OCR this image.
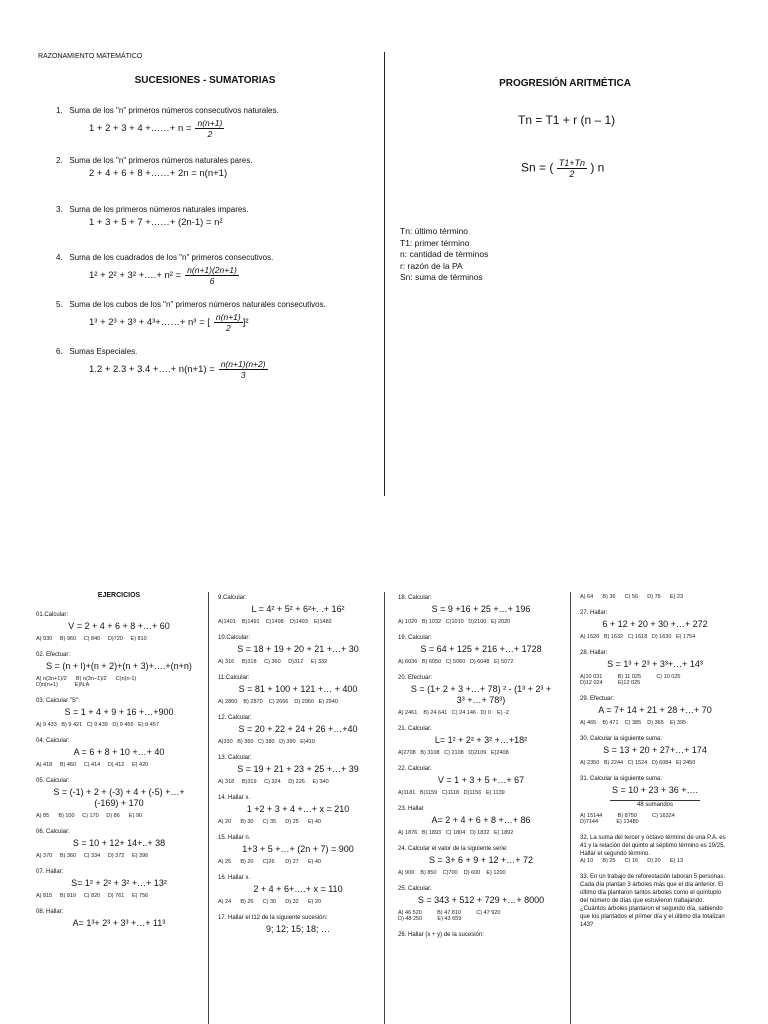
RAZONAMIENTO MATEMÁTICO
SUCESIONES - SUMATORIAS	PROGRESIÓN ARITMÉTICA
1.   Suma de los "n" primeros números consecutivos naturales.
1 + 2 + 3 + 4 +……+ $n = \frac{n(n+1)}{2}$
2.   Suma de los "n" primeros números naturales pares.
2 + 4 + 6 + 8 +……+ 2n = n(n+1)
3.   Suma de los primeros números naturales impares.
1 + 3 + 5 + 7 +……+ (2n-1) = n²
4.   Suma de los cuadrados de los "n" primeros consecutivos.
1² + 2² + 3² +….+ $n^2 = \frac{n(n+1)(2n+1)}{6}$
5.   Suma de los cubos de los "n" primeros números naturales consecutivos.
1³ + 2³ + 3³ + 4³+……+ n³ = [ $\frac{n(n+1)}{2} ]^2$
6.   Sumas Especiales.
1.2 + 2.3 + 3.4 +….+ $n(n+1) = \frac{n(n+1)(n+2)}{3}$
Tn = T1 + r (n – 1)
Sn = ( $\frac{T1+Tn}{2}$ ) n
Tn: último término
T1: primer término
n: cantidad de términos
r: razón de la PA
Sn: suma de términos
EJERCICIOS
01.Calcular:
V = 2 + 4 + 6 + 8 +…+ 60
A) 930     B) 960     C) 840     D)720     E) 810
02. Efectuar:
S = (n + l)+(n + 2)+(n + 3)+….+(n+n)
A) n(3n+1)/2      B) n(3n−1)/2      C)n(n-1)
D)n(n+1)           E)N.A
03. Calcular "S":
S = 1 + 4 + 9 + 16 +…+900
A) 9 433   B) 9 421   C) 9 439   D) 9 455   E) 9 457
04. Calcular:
A = 6 + 8 + 10 +…+ 40
A) 418     B) 460     C) 414     D) 412     E) 420
05. Calcular:
S = (-1) + 2 + (-3) + 4 + (-5) +…+
(-169) + 170
A) 85      B) 100     C) 170     D) 86      E) 90
06. Calcular:
S = 10 + 12+ 14+..+ 38
A) 370     B) 360     C) 334     D) 372     E) 396
07. Hallar:
S= 1² + 2² + 3² +…+ 13²
A) 815     B) 819     C) 820     D) 761     E) 756
08. Hallar:
A= 1³+ 2³ + 3³ +…+ 11³
9.Calcular:
L = 4² + 5² + 6²+. .+ 16²
A)1401    B)1491    C)1498    D)1493    E)1482
10.Calcular:
S = 18 + 19 + 20 + 21 +…+ 30
A) 316     B)318     C) 360     D)312     E) 332
11.Calcular:
S = 81 + 100 + 121 +… + 400
A) 2860    B) 2870    C) 2666    D) 2960   E) 2940
12. Calcular:
S = 20 + 22 + 24 + 26 +…+40
A)330   B) 360   C) 380   D) 390   E)410
13. Calcular:
S = 19 + 21 + 23 + 25 +…+ 39
A) 318     B)319     C) 324     D) 226     E) 340
14. Hallar x.
1 +2 + 3 + 4 +…+ x = 210
A) 20      B) 30      C) 35      D) 25      E) 40
15. Hallar n.
1+3 + 5 +…+ (2n + 7) = 900
A) 25      B) 20      C)26       D) 27      E) 40
16. Hallar x.
2 + 4 + 6+….+ x = 110
A) 24      B) 26      C) 30      D) 32      E) 20
17. Hallar el t12 de la siguiente sucesión:
9; 12; 15; 18; …
18. Calcular:
S = 9 +16 + 25 +…+ 196
A) 1020   B) 1032   C)1010   D)2100   E) 2020
19. Calcular:
S = 64 + 125 + 216 +…+ 1728
A) 6036   B) 6050   C) 5060   D) 6048   E) 5072
20. Efectuar:
S = (1+ 2 + 3 +…+ 78) ² - (1³ + 2³ +
3³ +…+ 78³)
A) 2461    B) 24 641   C) 24 146   D) 0    E) -2
21. Calcular:
L= 1² + 2² + 3² +…+18²
A)2708   B) 3108   C) 2108   D)2109   E)2408
22. Calcular:
V = 1 + 3 + 5 +…+ 67
A)1181   B)1159   C)1118   D)1156   E) 1139
23. Hallar
A= 2 + 4 + 6 + 8 +…+ 86
A) 1876   B) 1893   C) 1804   D) 1832   E) 1892
24. Calcular el valor de la siguiente serie:
S = 3+ 6 + 9 + 12 +…+ 72
A) 900    B) 850    C)700    D) 600    E) 1200
25. Calcular:
S = 343 + 512 + 729 +…+ 8000
A) 46 520          B) 47 810          C) 47 920
D) 48 250          E) 43 659
26. Hallar (x + y) de la sucesión:
A) 64      B) 36      C) 56      D) 75      E) 23
27. Hallar:
6 + 12 + 20 + 30 +…+ 272
A) 1520   B) 1632   C) 1618   D) 1630   E) 1754
28. Hallar:
S = 1³ + 2³ + 3³+…+ 14³
A)10 031          B) 11 025          C) 10 025
D)12 024          E)12 025
29. Efectuar:
A = 7+ 14 + 21 + 28 +…+ 70
A) 465    B) 471    C) 385    D) 365    E) 395
30. Calcular la siguiente suma:
S = 13 + 20 + 27+…+ 174
A) 2350   B) 2244   C) 1524   D) 6084   E) 2450
31. Calcular la siguiente suma:
S = 10 + 23 + 36 +….
48 sumandos
A) 15144          B) 8750          C) 16324
D)7144            E) 13480
32. La suma del tercer y octavo término de una P.A. es 41 y la relación del quinto al séptimo término es 19/25. Hallar el segundo término.
A) 10      B) 25      C) 16      D) 20      E) 13
33. En un trabajo de reforestación laboran 5 personas. Cada día plantan 3 árboles más que el día anterior. El último día plantaron tantos árboles como el quíntuplo del número de días que estuvieron trabajando. ¿Cuántos árboles plantaron el segundo día, sabiendo que los plantados el primer día y el último día totalizan 143?
